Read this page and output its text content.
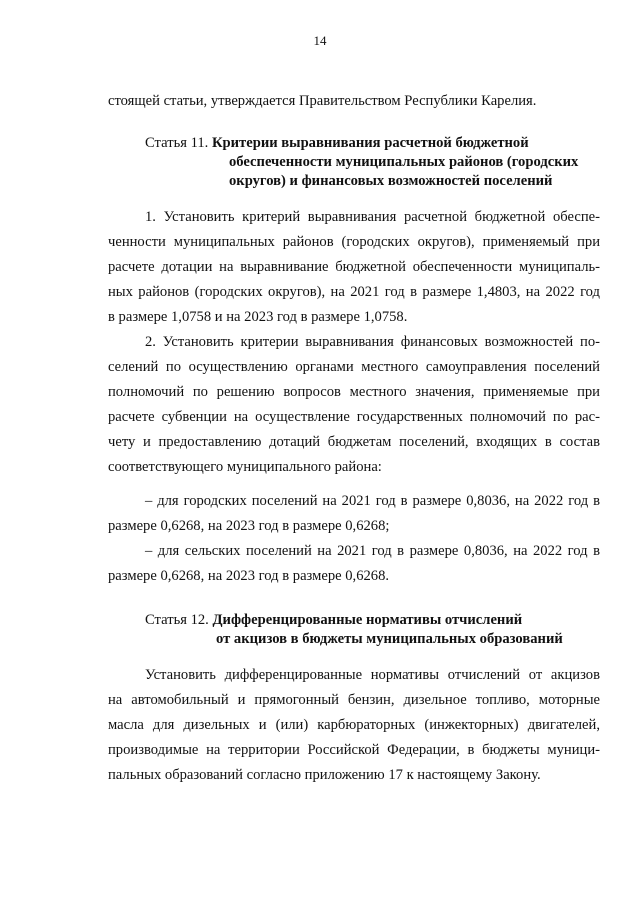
14
стоящей статьи, утверждается Правительством Республики Карелия.
Статья 11. Критерии выравнивания расчетной бюджетной
обеспеченности муниципальных районов (городских
округов) и финансовых возможностей поселений
1. Установить критерий выравнивания расчетной бюджетной обеспе-
ченности муниципальных районов (городских округов), применяемый при
расчете дотации на выравнивание бюджетной обеспеченности муниципаль-
ных районов (городских округов), на 2021 год в размере 1,4803, на 2022 год
в размере 1,0758 и на 2023 год в размере 1,0758.
2. Установить критерии выравнивания финансовых возможностей по-
селений по осуществлению органами местного самоуправления поселений
полномочий по решению вопросов местного значения, применяемые при
расчете субвенции на осуществление государственных полномочий по рас-
чету и предоставлению дотаций бюджетам поселений, входящих в состав
соответствующего муниципального района:
– для городских поселений на 2021 год в размере 0,8036, на 2022 год в
размере 0,6268, на 2023 год в размере 0,6268;
– для сельских поселений на 2021 год в размере 0,8036, на 2022 год в
размере 0,6268, на 2023 год в размере 0,6268.
Статья 12. Дифференцированные нормативы отчислений
от акцизов в бюджеты муниципальных образований
Установить дифференцированные нормативы отчислений от акцизов
на автомобильный и прямогонный бензин, дизельное топливо, моторные
масла для дизельных и (или) карбюраторных (инжекторных) двигателей,
производимые на территории Российской Федерации, в бюджеты муници-
пальных образований согласно приложению 17 к настоящему Закону.
